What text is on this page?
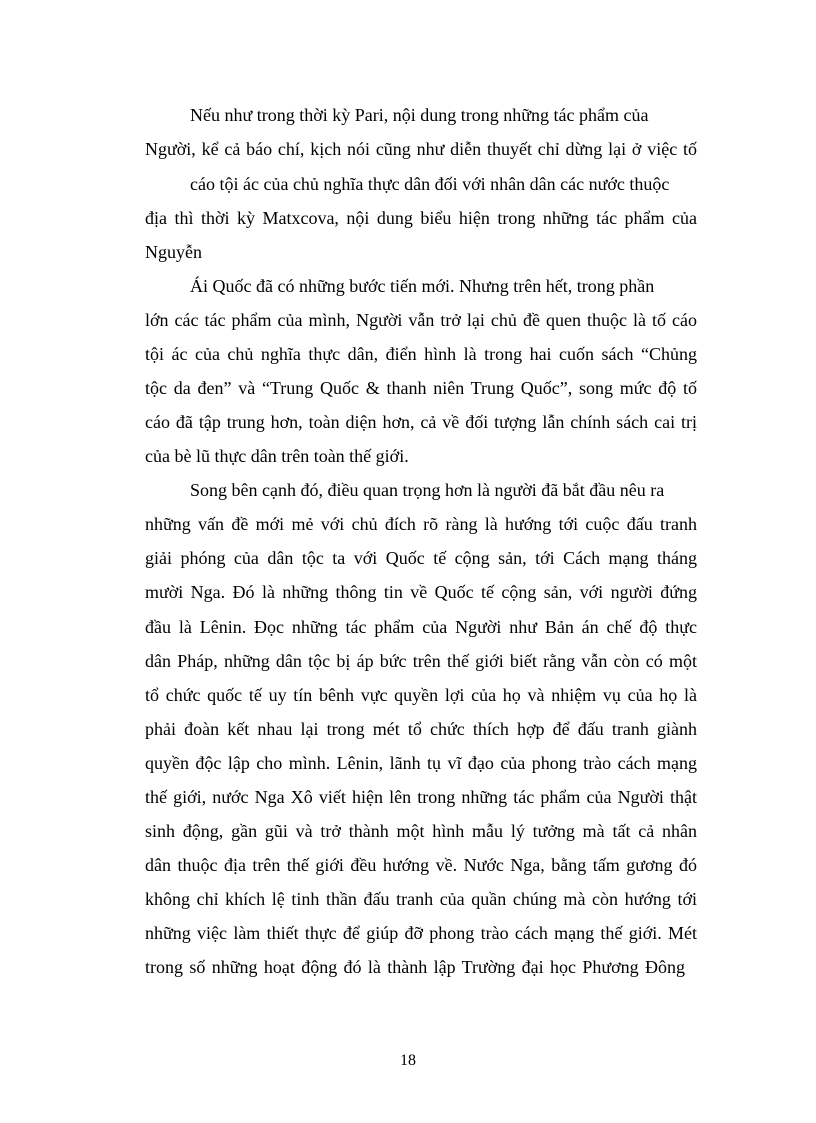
Nếu như trong thời kỳ Pari, nội dung trong những tác phẩm của
Người, kể cả báo chí, kịch nói cũng như diễn thuyết chỉ dừng lại ở việc tố
cáo tội ác của chủ nghĩa thực dân đối với nhân dân các nước thuộc
địa thì thời kỳ Matxcova, nội dung biểu hiện trong những tác phẩm của
Nguyễn
Ái Quốc đã có những bước tiến mới. Nhưng trên hết, trong phần
lớn các tác phẩm của mình, Người vẫn trở lại chủ đề quen thuộc là tố cáo
tội ác của chủ nghĩa thực dân, điển hình là trong hai cuốn sách “Chủng
tộc da đen” và “Trung Quốc & thanh niên Trung Quốc”, song mức độ tố
cáo đã tập trung hơn, toàn diện hơn, cả về đối tượng lẫn chính sách cai trị
của bè lũ thực dân trên toàn thế giới.
Song bên cạnh đó, điều quan trọng hơn là người đã bắt đầu nêu ra
những vấn đề mới mẻ với chủ đích rõ ràng là hướng tới cuộc đấu tranh
giải phóng của dân tộc ta với Quốc tế cộng sản, tới Cách mạng tháng
mười Nga. Đó là những thông tin về Quốc tế cộng sản, với người đứng
đầu là Lênin. Đọc những tác phẩm của Người như Bản án chế độ thực
dân Pháp, những dân tộc bị áp bức trên thế giới biết rằng vẫn còn có một
tổ chức quốc tế uy tín bênh vực quyền lợi của họ và nhiệm vụ của họ là
phải đoàn kết nhau lại trong mét tổ chức thích hợp để đấu tranh giành
quyền độc lập cho mình. Lênin, lãnh tụ vĩ đạo của phong trào cách mạng
thế giới, nước Nga Xô viết hiện lên trong những tác phẩm của Người thật
sinh động, gần gũi và trở thành một hình mẫu lý tưởng mà tất cả nhân
dân thuộc địa trên thế giới đều hướng về. Nước Nga, bằng tấm gương đó
không chỉ khích lệ tinh thần đấu tranh của quần chúng mà còn hướng tới
những việc làm thiết thực để giúp đỡ phong trào cách mạng thế giới. Mét
trong số những hoạt động đó là thành lập Trường đại học Phương Đông
18
